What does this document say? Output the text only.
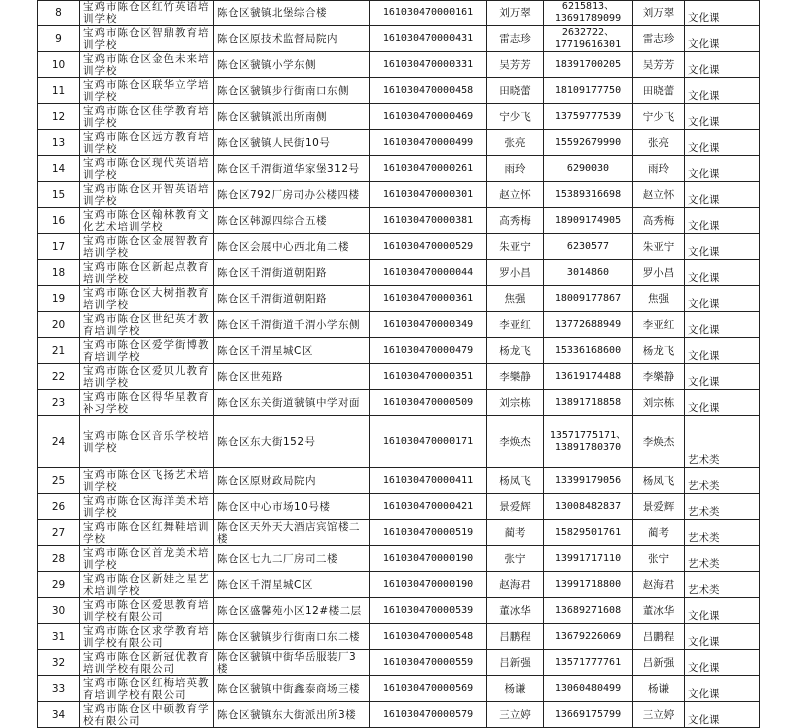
8	宝鸡市陈仓区红竹英语培训学校	陈仓区虢镇北堡综合楼	161030470000161	刘万翠	6215813、13691789099	刘万翠	文化课
9	宝鸡市陈仓区智鼎教育培训学校	陈仓区原技术监督局院内	161030470000431	雷志珍	2632722、17719616301	雷志珍	文化课
10	宝鸡市陈仓区金色未来培训学校	陈仓区虢镇小学东侧	161030470000331	吴芳芳	18391700205	吴芳芳	文化课
11	宝鸡市陈仓区联华立学培训学校	陈仓区虢镇步行街南口东侧	161030470000458	田晓蕾	18109177750	田晓蕾	文化课
12	宝鸡市陈仓区佳学教育培训学校	陈仓区虢镇派出所南侧	161030470000469	宁少飞	13759777539	宁少飞	文化课
13	宝鸡市陈仓区远方教育培训学校	陈仓区虢镇人民街10号	161030470000499	张亮	15592679990	张亮	文化课
14	宝鸡市陈仓区现代英语培训学校	陈仓区千渭街道华家堡312号	161030470000261	雨玲	6290030	雨玲	文化课
15	宝鸡市陈仓区开智英语培训学校	陈仓区792厂房司办公楼四楼	161030470000301	赵立怀	15389316698	赵立怀	文化课
16	宝鸡市陈仓区翰林教育文化艺术培训学校	陈仓区韩源四综合五楼	161030470000381	高秀梅	18909174905	高秀梅	文化课
17	宝鸡市陈仓区金展智教育培训学校	陈仓区会展中心西北角二楼	161030470000529	朱亚宁	6230577	朱亚宁	文化课
18	宝鸡市陈仓区新起点教育培训学校	陈仓区千渭街道朝阳路	161030470000044	罗小昌	3014860	罗小昌	文化课
19	宝鸡市陈仓区大树指教育培训学校	陈仓区千渭街道朝阳路	161030470000361	焦强	18009177867	焦强	文化课
20	宝鸡市陈仓区世纪英才教育培训学校	陈仓区千渭街道千渭小学东侧	161030470000349	李亚红	13772688949	李亚红	文化课
21	宝鸡市陈仓区爱学街博教育培训学校	陈仓区千渭星城C区	161030470000479	杨龙飞	15336168600	杨龙飞	文化课
22	宝鸡市陈仓区爱贝儿教育培训学校	陈仓区世苑路	161030470000351	李樂静	13619174488	李樂静	文化课
23	宝鸡市陈仓区得华星教育补习学校	陈仓区东关街道虢镇中学对面	161030470000509	刘宗栋	13891718858	刘宗栋	文化课
24	宝鸡市陈仓区音乐学校培训学校	陈仓区东大街152号	161030470000171	李焕杰	13571775171、13891780370	李焕杰	艺术类
25	宝鸡市陈仓区飞扬艺术培训学校	陈仓区原财政局院内	161030470000411	杨凤飞	13399179056	杨凤飞	艺术类
26	宝鸡市陈仓区海洋美术培训学校	陈仓区中心市场10号楼	161030470000421	景爱辉	13008482837	景爱辉	艺术类
27	宝鸡市陈仓区红舞鞋培训学校	陈仓区天外天大酒店宾馆楼二楼	161030470000519	蔺考	15829501761	蔺考	艺术类
28	宝鸡市陈仓区首龙美术培训学校	陈仓区七九二厂房司二楼	161030470000190	张宁	13991717110	张宁	艺术类
29	宝鸡市陈仓区新娃之星艺术培训学校	陈仓区千渭星城C区	161030470000190	赵海君	13991718800	赵海君	艺术类
30	宝鸡市陈仓区爱思教育培训学校有限公司	陈仓区盛馨苑小区12#楼二层	161030470000539	董冰华	13689271608	董冰华	文化课
31	宝鸡市陈仓区求学教育培训学校有限公司	陈仓区虢镇步行街南口东二楼	161030470000548	吕鹏程	13679226069	吕鹏程	文化课
32	宝鸡市陈仓区新冠优教育培训学校有限公司	陈仓区虢镇中街华岳服装厂3楼	161030470000559	吕新强	13571777761	吕新强	文化课
33	宝鸡市陈仓区红梅培英教育培训学校有限公司	陈仓区虢镇中街鑫泰商场三楼	161030470000569	杨谦	13060480499	杨谦	文化课
34	宝鸡市陈仓区中硕教育学校有限公司	陈仓区虢镇东大街派出所3楼	161030470000579	三立婷	13669175799	三立婷	文化课
